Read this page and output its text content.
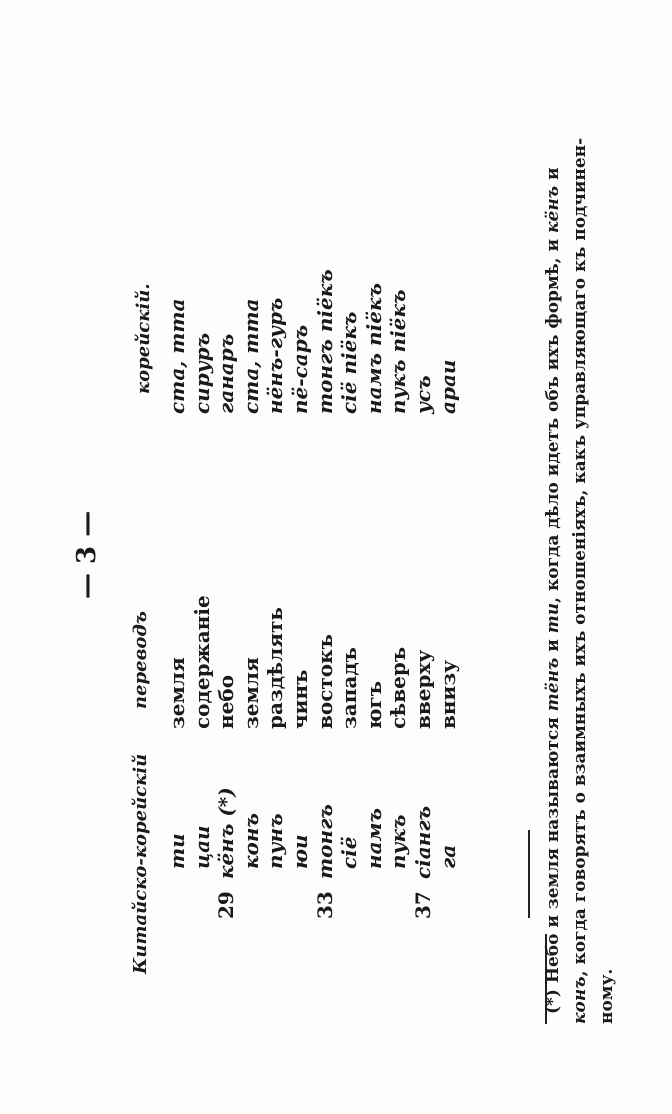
— 3 —
Китайско-корейскій
переводъ
корейскій.
ти
земля
ста, тта
цаи
содержаніе
сируръ
29
кёнъ (*)
небо
ганаръ
конъ
земля
ста, тта
пунъ
раздѣлять
нёнъ-гуръ
юи
чинъ
пё-саръ
33
тонгъ
востокъ
тонгъ піёкъ
сіё
западъ
сіё піёкъ
намъ
югъ
намъ піёкъ
пукъ
сѣверъ
пукъ піёкъ
37
сіангъ
вверху
усъ
га
внизу
араи
(*) Небо и земля называются тёнъ и ти, когда дѣло идетъ объ ихъ формѣ, и кёнъ и
конъ, когда говорятъ о взаимныхъ ихъ отношеніяхъ, какъ управляющаго къ подчинен-
ному.
